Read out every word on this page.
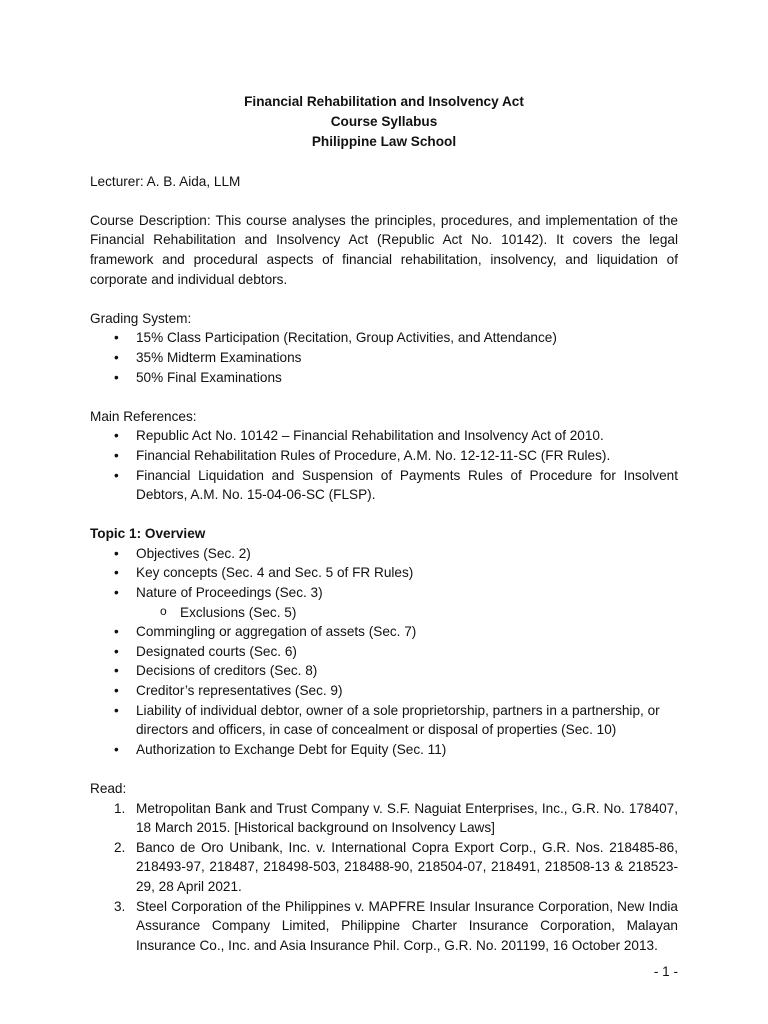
Financial Rehabilitation and Insolvency Act
Course Syllabus
Philippine Law School

Lecturer: A. B. Aida, LLM

Course Description: This course analyses the principles, procedures, and implementation of the Financial Rehabilitation and Insolvency Act (Republic Act No. 10142). It covers the legal framework and procedural aspects of financial rehabilitation, insolvency, and liquidation of corporate and individual debtors.

Grading System:

• 15% Class Participation (Recitation, Group Activities, and Attendance)
• 35% Midterm Examinations
• 50% Final Examinations

Main References:

• Republic Act No. 10142 – Financial Rehabilitation and Insolvency Act of 2010.
• Financial Rehabilitation Rules of Procedure, A.M. No. 12-12-11-SC (FR Rules).
• Financial Liquidation and Suspension of Payments Rules of Procedure for Insolvent Debtors, A.M. No. 15-04-06-SC (FLSP).

Topic 1: Overview

• Objectives (Sec. 2)
• Key concepts (Sec. 4 and Sec. 5 of FR Rules)
• Nature of Proceedings (Sec. 3)
o Exclusions (Sec. 5)
• Commingling or aggregation of assets (Sec. 7)
• Designated courts (Sec. 6)
• Decisions of creditors (Sec. 8)
• Creditor’s representatives (Sec. 9)
• Liability of individual debtor, owner of a sole proprietorship, partners in a partnership, or directors and officers, in case of concealment or disposal of properties (Sec. 10)
• Authorization to Exchange Debt for Equity (Sec. 11)

Read:

1. Metropolitan Bank and Trust Company v. S.F. Naguiat Enterprises, Inc., G.R. No. 178407, 18 March 2015. [Historical background on Insolvency Laws]
2. Banco de Oro Unibank, Inc. v. International Copra Export Corp., G.R. Nos. 218485-86, 218493-97, 218487, 218498-503, 218488-90, 218504-07, 218491, 218508-13 & 218523-29, 28 April 2021.
3. Steel Corporation of the Philippines v. MAPFRE Insular Insurance Corporation, New India Assurance Company Limited, Philippine Charter Insurance Corporation, Malayan Insurance Co., Inc. and Asia Insurance Phil. Corp., G.R. No. 201199, 16 October 2013.
- 1 -
